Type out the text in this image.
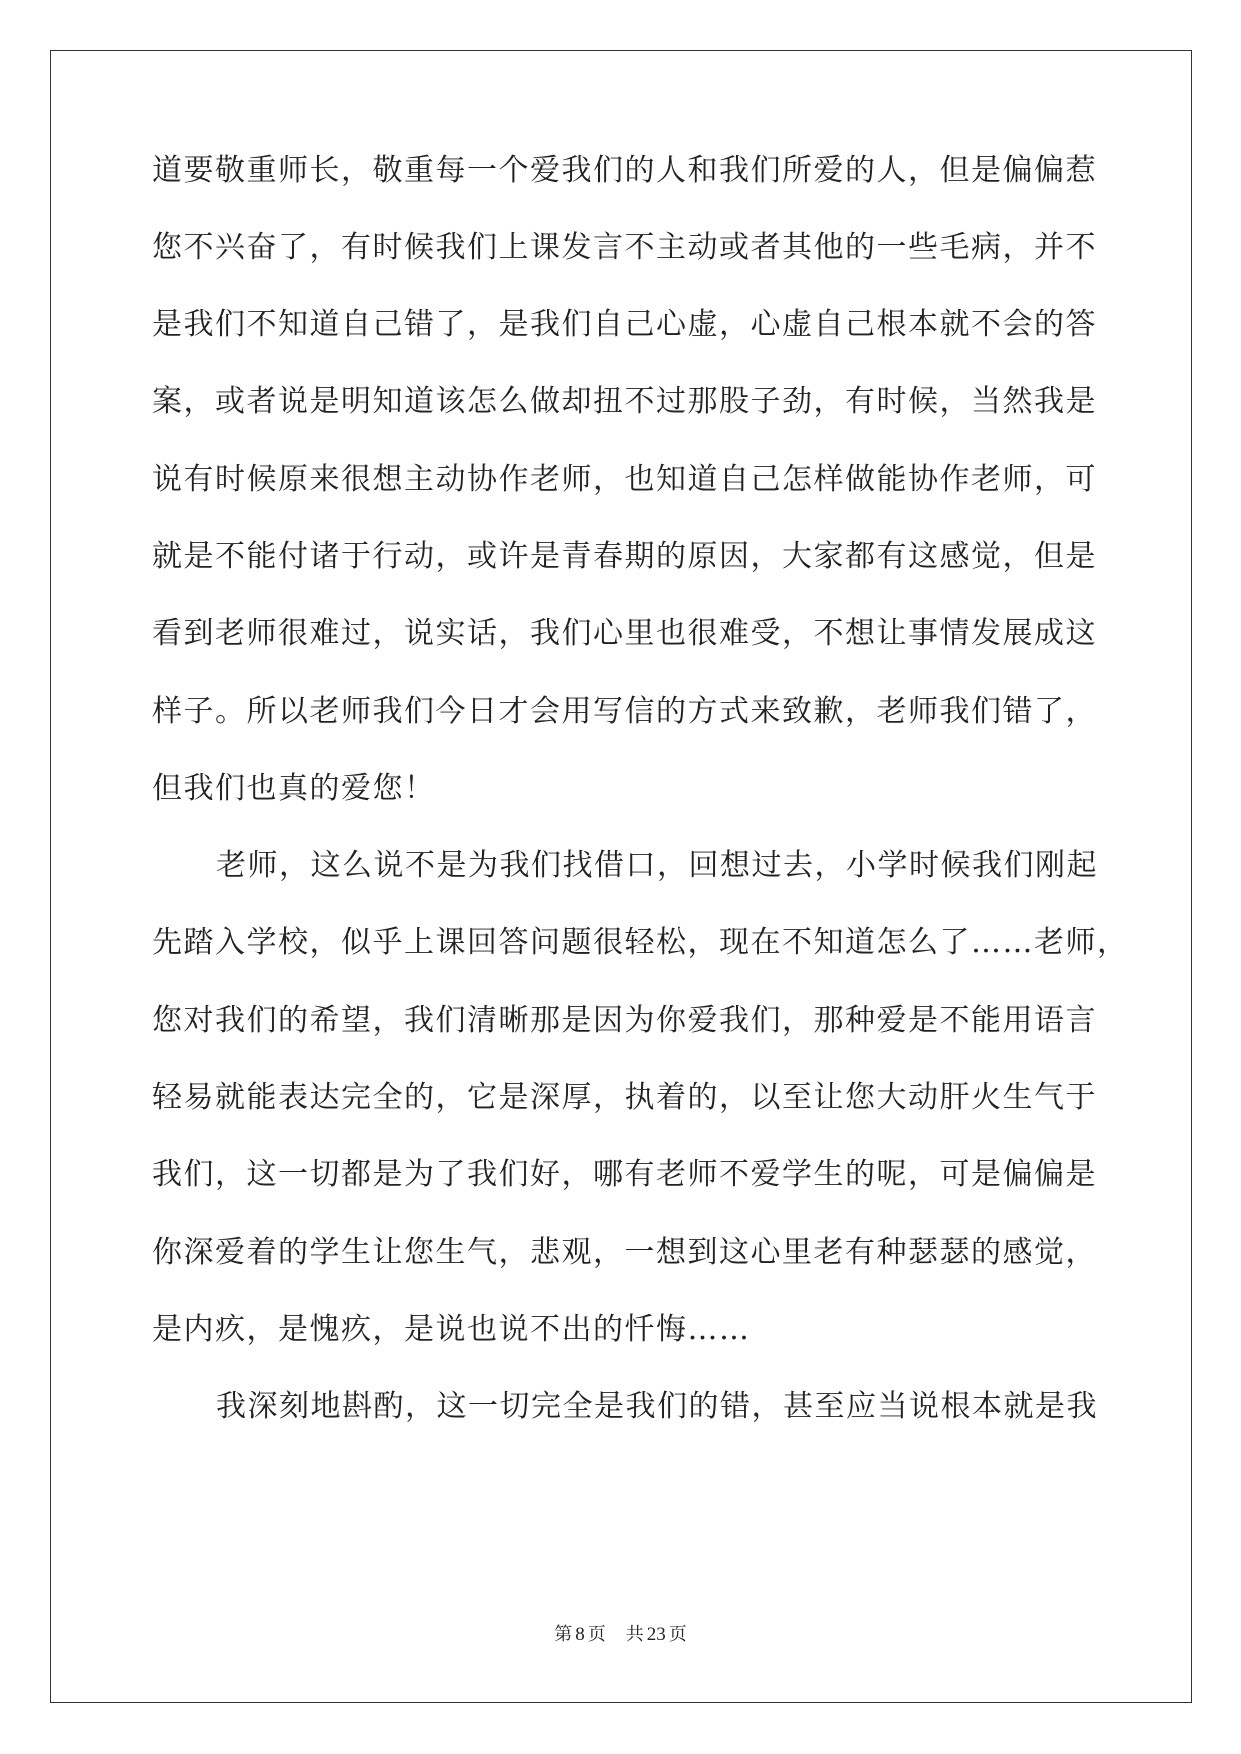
道要敬重师长，敬重每一个爱我们的人和我们所爱的人，但是偏偏惹
您不兴奋了，有时候我们上课发言不主动或者其他的一些毛病，并不
是我们不知道自己错了，是我们自己心虚，心虚自己根本就不会的答
案，或者说是明知道该怎么做却扭不过那股子劲，有时候，当然我是
说有时候原来很想主动协作老师，也知道自己怎样做能协作老师，可
就是不能付诸于行动，或许是青春期的原因，大家都有这感觉，但是
看到老师很难过，说实话，我们心里也很难受，不想让事情发展成这
样子。所以老师我们今日才会用写信的方式来致歉，老师我们错了，
但我们也真的爱您！
老师，这么说不是为我们找借口，回想过去，小学时候我们刚起
先踏入学校，似乎上课回答问题很轻松，现在不知道怎么了……老师，
您对我们的希望，我们清晰那是因为你爱我们，那种爱是不能用语言
轻易就能表达完全的，它是深厚，执着的，以至让您大动肝火生气于
我们，这一切都是为了我们好，哪有老师不爱学生的呢，可是偏偏是
你深爱着的学生让您生气，悲观，一想到这心里老有种瑟瑟的感觉，
是内疚，是愧疚，是说也说不出的忏悔……
我深刻地斟酌，这一切完全是我们的错，甚至应当说根本就是我
第 8 页 共 23 页
